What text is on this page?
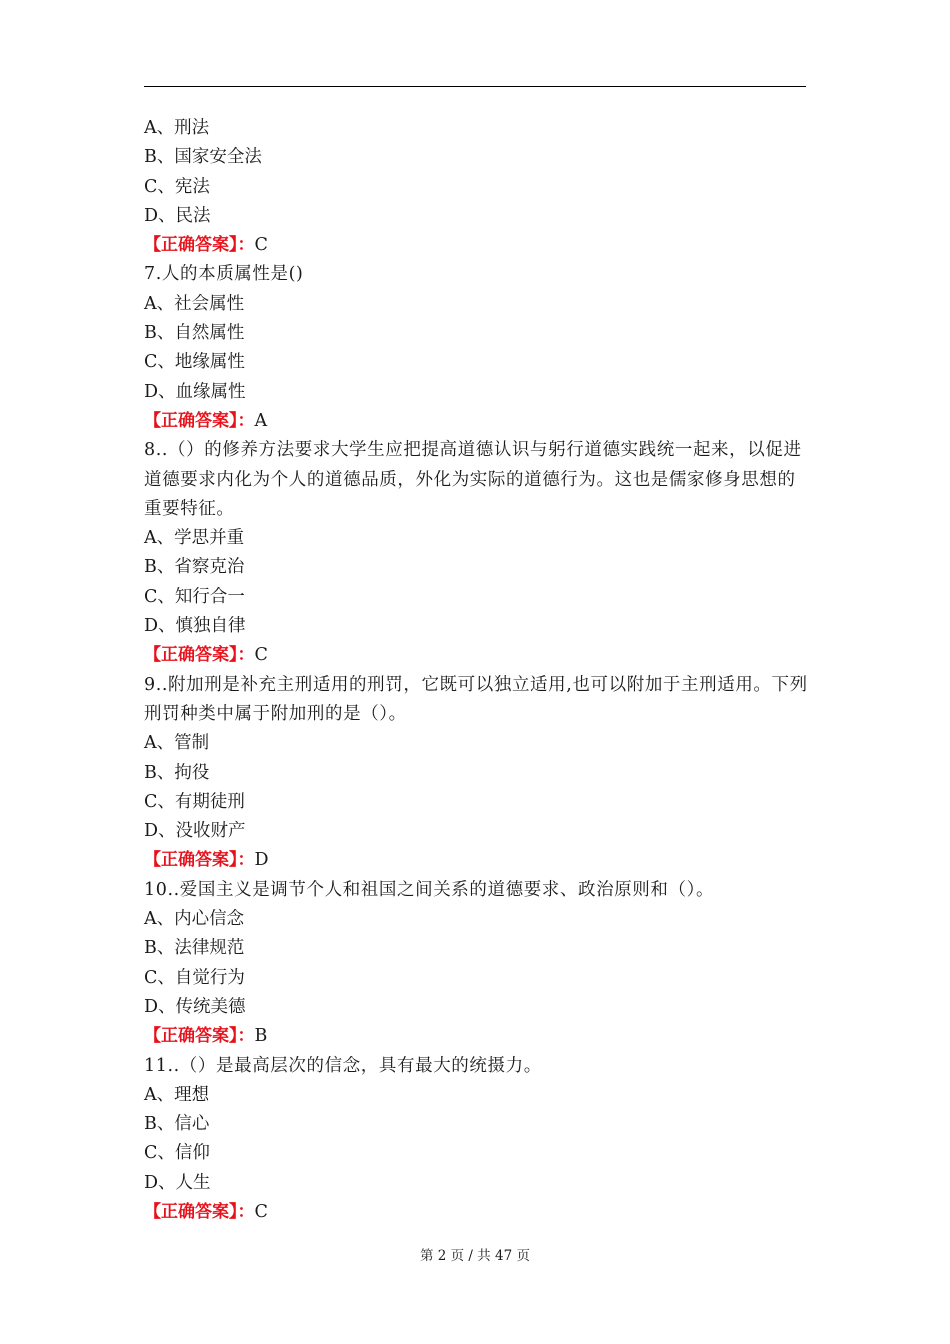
A、刑法
B、国家安全法
C、宪法
D、民法
【正确答案】：C
7.人的本质属性是()
A、社会属性
B、自然属性
C、地缘属性
D、血缘属性
【正确答案】：A
8..（）的修养方法要求大学生应把提高道德认识与躬行道德实践统一起来，以促进道德要求内化为个人的道德品质，外化为实际的道德行为。这也是儒家修身思想的重要特征。
A、学思并重
B、省察克治
C、知行合一
D、慎独自律
【正确答案】：C
9..附加刑是补充主刑适用的刑罚，它既可以独立适用,也可以附加于主刑适用。下列刑罚种类中属于附加刑的是（）。
A、管制
B、拘役
C、有期徒刑
D、没收财产
【正确答案】：D
10..爱国主义是调节个人和祖国之间关系的道德要求、政治原则和（）。
A、内心信念
B、法律规范
C、自觉行为
D、传统美德
【正确答案】：B
11..（）是最高层次的信念，具有最大的统摄力。
A、理想
B、信心
C、信仰
D、人生
【正确答案】：C
第 2 页 / 共 47 页
